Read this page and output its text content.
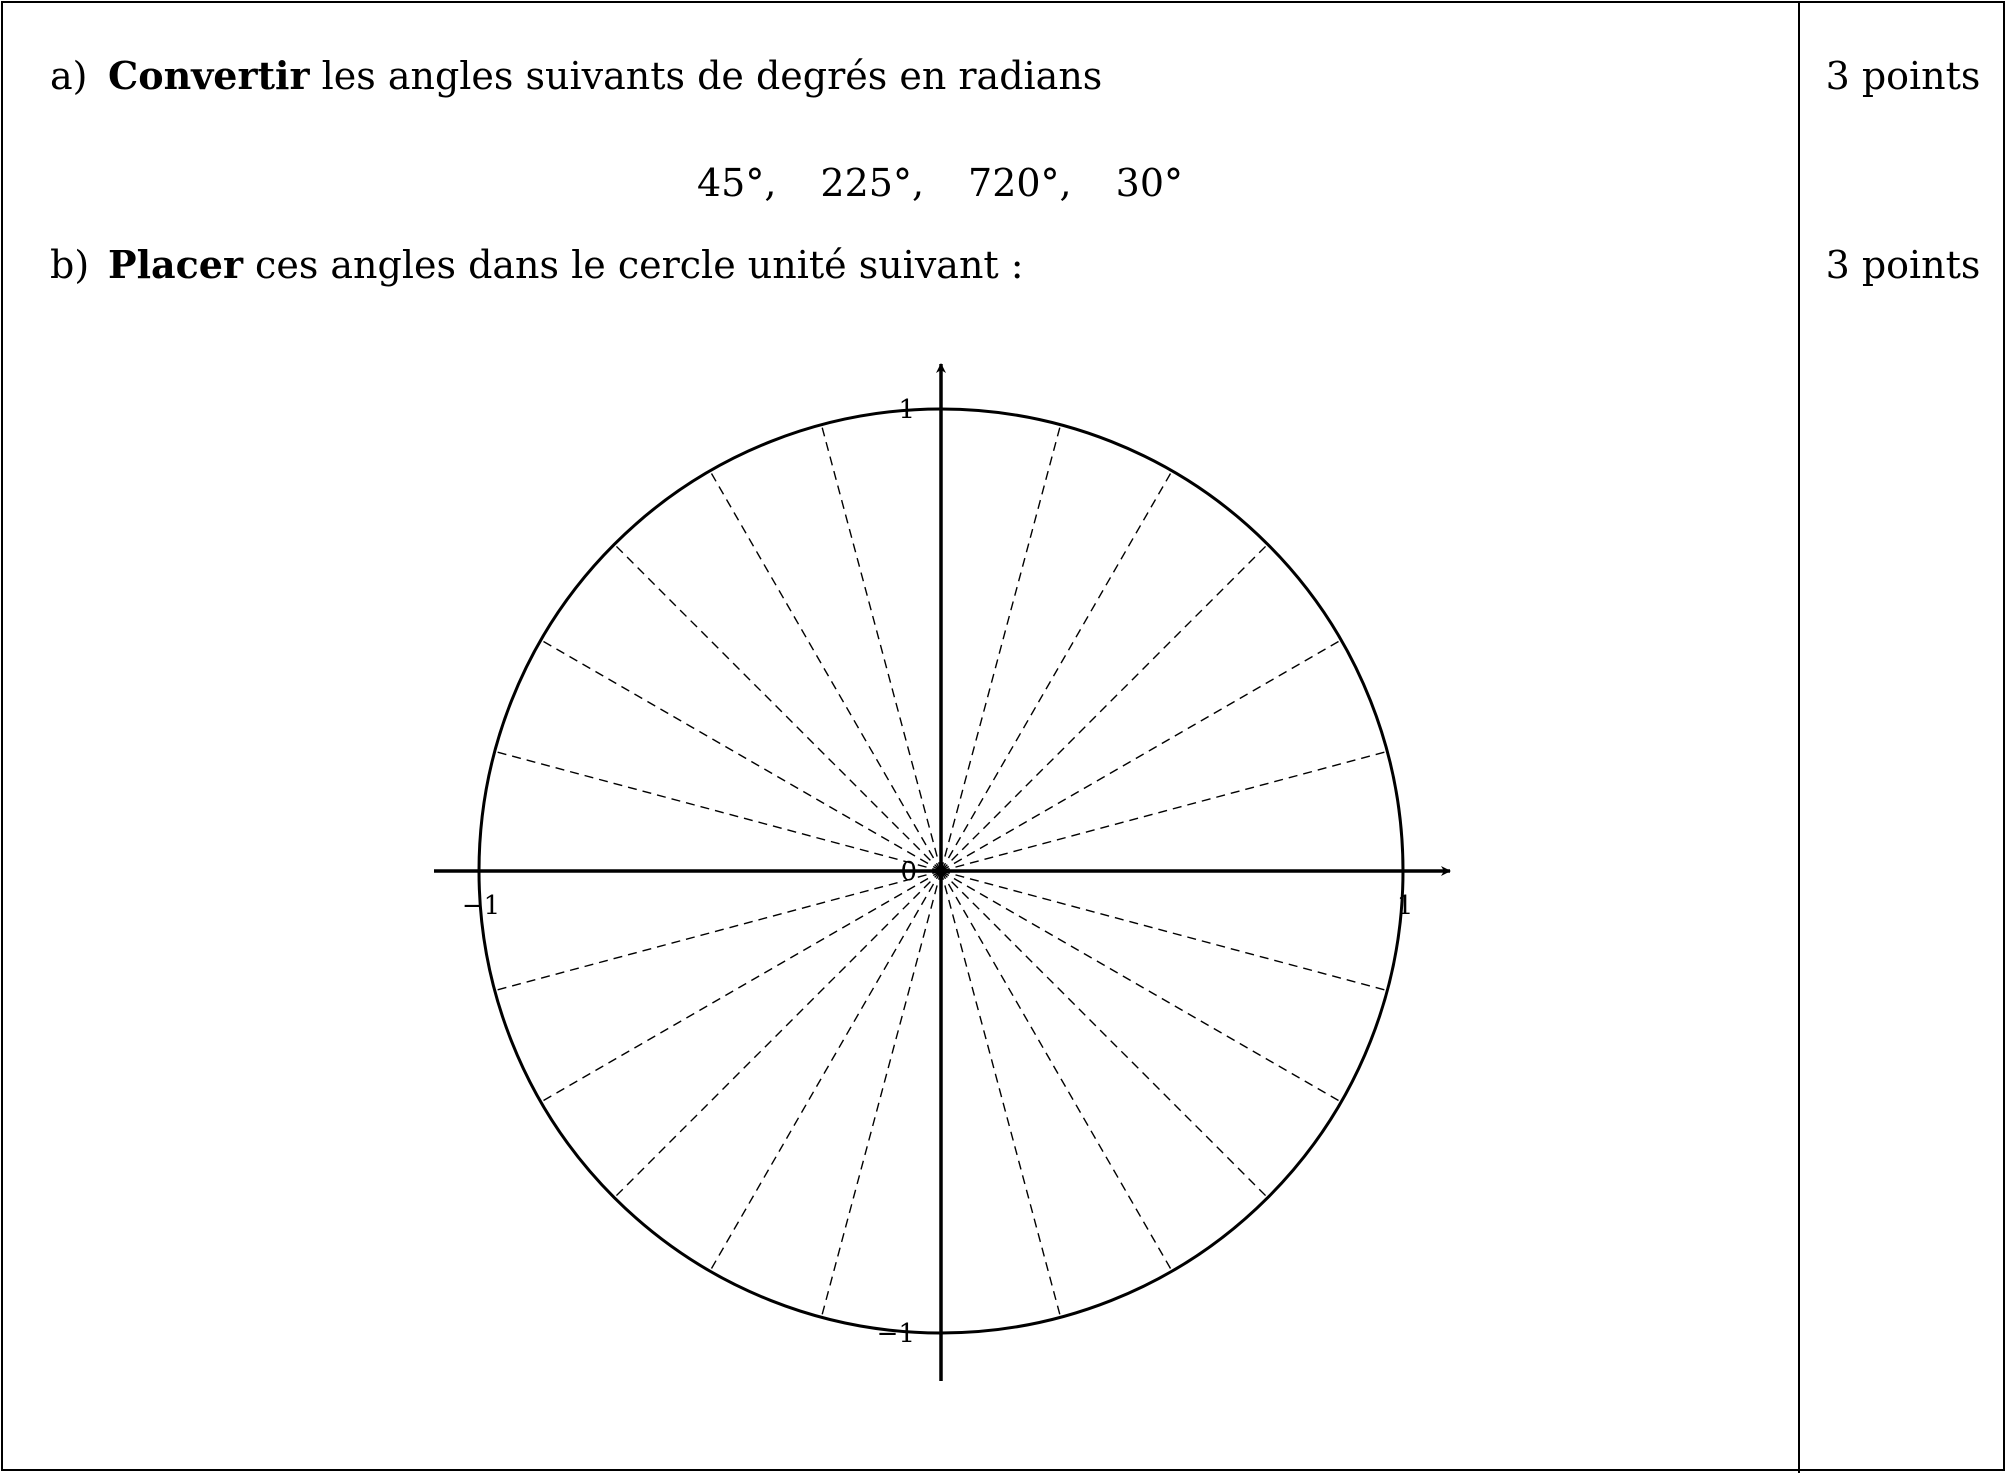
a) Convertir les angles suivants de degrés en radians	3 points
45°, 225°, 720°, 30°
b) Placer ces angles dans le cercle unité suivant :	3 points
0
−1	1
1
−1
